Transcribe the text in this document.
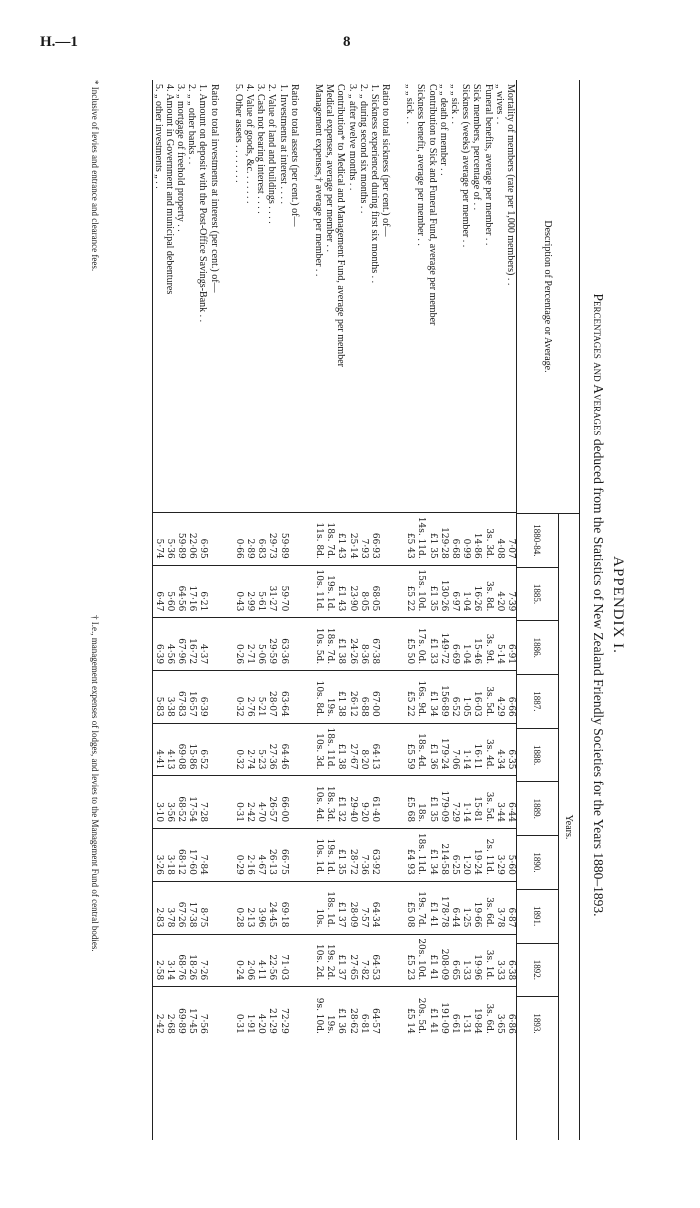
H.—1	8
APPENDIX I.
Percentages and Averages deduced from the Statistics of New Zealand Friendly Societies for the Years 1880–1893.
Description of Percentage or Average.
Years.
1880-84.
1885.
1886.
1887.
1888.
1889.
1890.
1891.
1892.
1893.
Mortality of members (rate per 1,000 members) . .
7·07
7·39
6·91
6·66
6·35
6·44
5·60
6·87
6·38
6·86
„ wives . .
4·08
4·20
5·14
4·29
4·34
3·44
3·29
3·78
3·33
3·65
Funeral benefits, average per member . .
3s. 3d.
3s. 8d.
3s. 9d.
3s. 5d.
3s. 4d.
3s. 5d.
2s. 11d.
3s. 6d.
3s. 1d.
3s. 6d.
Sick members, percentage of . .
14·86
16·26
15·46
16·03
16·11
15·81
19·24
19·66
19·96
19·84
Sickness (weeks) average per member . .
0·99
1·04
1·04
1·05
1·14
1·14
1·20
1·25
1·33
1·31
„ „ sick . .
6·68
6·97
6·69
6·52
7·06
7·29
6·25
6·44
6·65
6·61
„ „ death of member . .
129·28
130·26
149·72
156·89
179·24
179·09
214·58
178·78
208·09
191·09
Contribution to Sick and Funeral Fund, average per member
£1 35
£1 35
£1 33
£1 34
£1 36
£1 35
£1 34
£1 41
£1 41
£1 41
Sickness benefit, average per member . .
14s. 11d.
15s. 10d.
17s. 0d.
16s. 9d.
18s. 4d.
18s.
18s. 11d.
19s. 7d.
20s. 10d.
20s. 5d.
„ „ sick . .
£5 43
£5 22
£5 50
£5 22
£5 59
£5 68
£4 93
£5 08
£5 23
£5 14
Ratio to total sickness (per cent.) of—
1. Sickness experienced during first six months . .
66·93
68·05
67·38
67·00
64·13
61·40
63·92
64·34
64·53
64·57
2. „ during second six months . .
7·93
8·05
8·36
6·88
8·20
9·20
7·36
7·57
7·82
6·81
3. „ after twelve months . .
25·14
23·90
24·26
26·12
27·67
29·40
28·72
28·09
27·65
28·62
Contribution* to Medical and Management Fund, average per member
£1 43
£1 43
£1 38
£1 38
£1 38
£1 32
£1 35
£1 37
£1 37
£1 36
Medical expenses, average per member . .
18s. 7d.
19s. 1d.
18s. 7d.
19s.
18s. 11d.
18s. 3d.
19s. 1d.
18s. 1d.
19s. 2d.
19s.
Management expenses,† average per member . .
11s. 8d.
10s. 11d.
10s. 5d.
10s. 8d.
10s. 3d.
10s. 4d.
10s. 1d.
10s.
10s. 2d.
9s. 10d.
Ratio to total assets (per cent.) of—
1. Investments at interest . . . .
59·89
59·70
63·36
63·64
64·46
66·00
66·75
69·18
71·03
72·29
2. Value of land and buildings . . . .
29·73
31·27
29·59
28·07
27·36
26·57
26·13
24·45
22·56
21·29
3. Cash not bearing interest . . . .
6·83
5·61
5·06
5·21
5·23
4·70
4·67
3·96
4·11
4·20
4. Value of goods, &c. . . . . . .
2·89
2·99
2·71
2·76
2·74
2·42
2·16
2·13
2·06
1·91
5. Other assets . . . . . . . .
0·66
0·43
0·26
0·32
0·32
0·31
0·29
0·28
0·24
0·31
Ratio to total investments at interest (per cent.) of—
1. Amount on deposit with the Post-Office Savings-Bank . .
6·95
6·21
4·37
6·39
6·52
7·28
7·84
8·75
7·26
7·56
2. „ „ other banks . .
22·06
17·16
16·72
16·57
15·86
17·54
17·60
17·38
18·26
17·45
3. „ mortgage of freehold property . .
59·89
64·56
67·96
67·83
69·08
68·52
68·12
67·26
68·76
69·89
4. Amount in Government and municipal debentures
5·36
5·60
4·56
3·38
4·13
3·56
3·18
3·78
3·14
2·68
5. „ other investments „ . .
5·74
6·47
6·39
5·83
4·41
3·10
3·26
2·83
2·58
2·42
* Inclusive of levies and entrance and clearance fees.
† I.e., management expenses of lodges, and levies to the Management Fund of central bodies.
